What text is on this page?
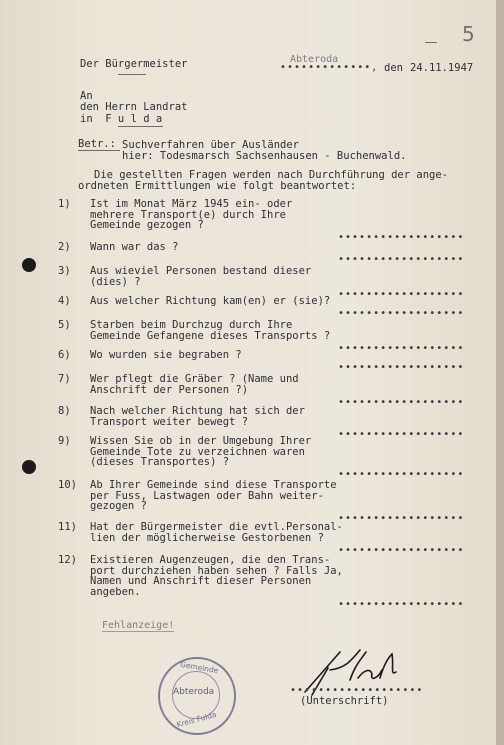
5
Der Bürgermeister	Abteroda
•••••••••••••, den 24.11.1947
An
den Herrn Landrat
in  F u l d a
Betr.: Suchverfahren über Ausländer
hier: Todesmarsch Sachsenhausen - Buchenwald.
Die gestellten Fragen werden nach Durchführung der ange-
ordneten Ermittlungen wie folgt beantwortet:
1) Ist im Monat März 1945 ein- oder
mehrere Transport(e) durch Ihre
Gemeinde gezogen ?
••••••••••••••••••
2) Wann war das ?
••••••••••••••••••
3) Aus wieviel Personen bestand dieser
(dies) ?
••••••••••••••••••
4) Aus welcher Richtung kam(en) er (sie)?
••••••••••••••••••
5) Starben beim Durchzug durch Ihre
Gemeinde Gefangene dieses Transports ?
••••••••••••••••••
6) Wo wurden sie begraben ?
••••••••••••••••••
7) Wer pflegt die Gräber ? (Name und
Anschrift der Personen ?)
••••••••••••••••••
8) Nach welcher Richtung hat sich der
Transport weiter bewegt ?
••••••••••••••••••
9) Wissen Sie ob in der Umgebung Ihrer
Gemeinde Tote zu verzeichnen waren
(dieses Transportes) ?
••••••••••••••••••
10) Ab Ihrer Gemeinde sind diese Transporte
per Fuss, Lastwagen oder Bahn weiter-
gezogen ?
••••••••••••••••••
11) Hat der Bürgermeister die evtl.Personal-
lien der möglicherweise Gestorbenen ?
••••••••••••••••••
12) Existieren Augenzeugen, die den Trans-
port durchziehen haben sehen ? Falls Ja,
Namen und Anschrift dieser Personen
angeben.
••••••••••••••••••
Fehlanzeige!
Gemeinde
Abteroda
Kreis Fulda
•••••••••••••••••••
(Unterschrift)
